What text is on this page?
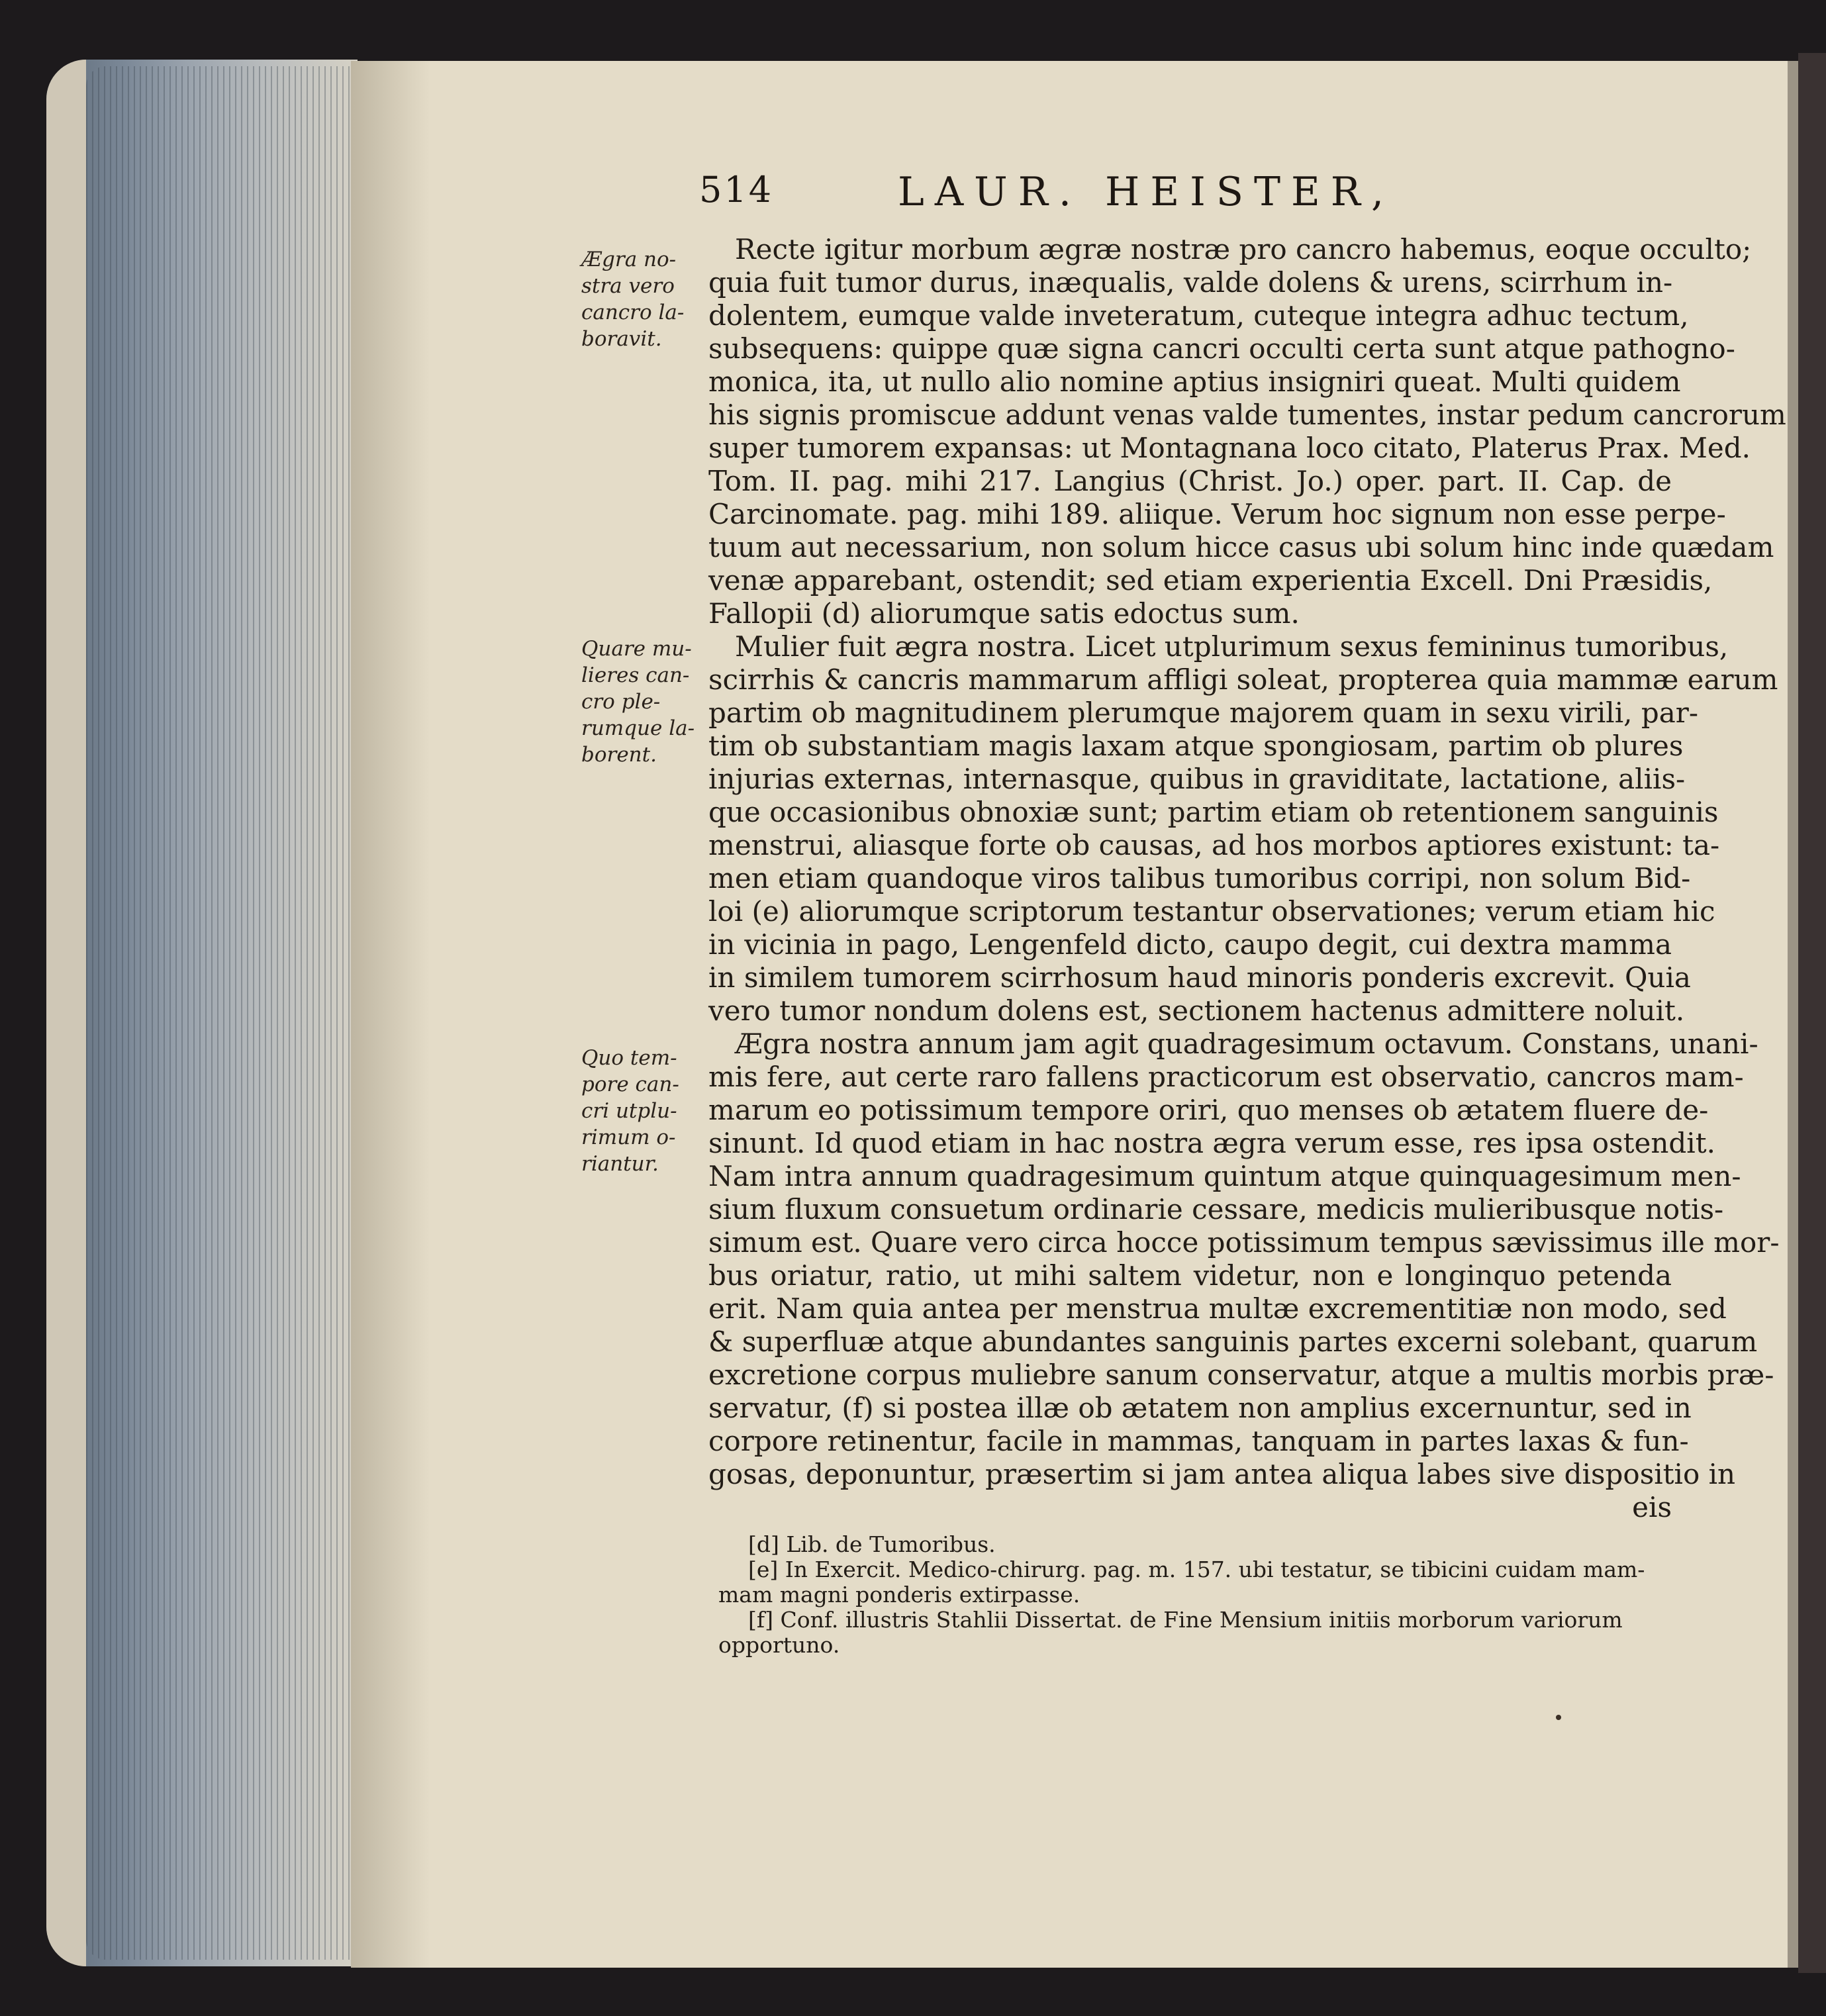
514	LAUR. HEISTER,
Ægra no- stra vero cancro la- boravit.
Quare mu- lieres can- cro ple- rumque la- borent.
Quo tem- pore can- cri utplu- rimum o- riantur.
Recte igitur morbum ægræ nostræ pro cancro habemus, eoque occulto;
quia fuit tumor durus, inæqualis, valde dolens & urens, scirrhum in-
dolentem, eumque valde inveteratum, cuteque integra adhuc tectum,
subsequens: quippe quæ signa cancri occulti certa sunt atque pathogno-
monica, ita, ut nullo alio nomine aptius insigniri queat. Multi quidem
his signis promiscue addunt venas valde tumentes, instar pedum cancrorum
super tumorem expansas: ut Montagnana loco citato, Platerus Prax. Med.
Tom. II. pag. mihi 217. Langius (Christ. Jo.) oper. part. II. Cap. de
Carcinomate. pag. mihi 189. aliique. Verum hoc signum non esse perpe-
tuum aut necessarium, non solum hicce casus ubi solum hinc inde quædam
venæ apparebant, ostendit; sed etiam experientia Excell. Dni Præsidis,
Fallopii (d) aliorumque satis edoctus sum.
Mulier fuit ægra nostra. Licet utplurimum sexus femininus tumoribus,
scirrhis & cancris mammarum affligi soleat, propterea quia mammæ earum
partim ob magnitudinem plerumque majorem quam in sexu virili, par-
tim ob substantiam magis laxam atque spongiosam, partim ob plures
injurias externas, internasque, quibus in graviditate, lactatione, aliis-
que occasionibus obnoxiæ sunt; partim etiam ob retentionem sanguinis
menstrui, aliasque forte ob causas, ad hos morbos aptiores existunt: ta-
men etiam quandoque viros talibus tumoribus corripi, non solum Bid-
loi (e) aliorumque scriptorum testantur observationes; verum etiam hic
in vicinia in pago, Lengenfeld dicto, caupo degit, cui dextra mamma
in similem tumorem scirrhosum haud minoris ponderis excrevit. Quia
vero tumor nondum dolens est, sectionem hactenus admittere noluit.
Ægra nostra annum jam agit quadragesimum octavum. Constans, unani-
mis fere, aut certe raro fallens practicorum est observatio, cancros mam-
marum eo potissimum tempore oriri, quo menses ob ætatem fluere de-
sinunt. Id quod etiam in hac nostra ægra verum esse, res ipsa ostendit.
Nam intra annum quadragesimum quintum atque quinquagesimum men-
sium fluxum consuetum ordinarie cessare, medicis mulieribusque notis-
simum est. Quare vero circa hocce potissimum tempus sævissimus ille mor-
bus oriatur, ratio, ut mihi saltem videtur, non e longinquo petenda
erit. Nam quia antea per menstrua multæ excrementitiæ non modo, sed
& superfluæ atque abundantes sanguinis partes excerni solebant, quarum
excretione corpus muliebre sanum conservatur, atque a multis morbis præ-
servatur, (f) si postea illæ ob ætatem non amplius excernuntur, sed in
corpore retinentur, facile in mammas, tanquam in partes laxas & fun-
gosas, deponuntur, præsertim si jam antea aliqua labes sive dispositio in
eis
[d] Lib. de Tumoribus.
[e] In Exercit. Medico-chirurg. pag. m. 157. ubi testatur, se tibicini cuidam mam-
mam magni ponderis extirpasse.
[f] Conf. illustris Stahlii Dissertat. de Fine Mensium initiis morborum variorum
opportuno.
